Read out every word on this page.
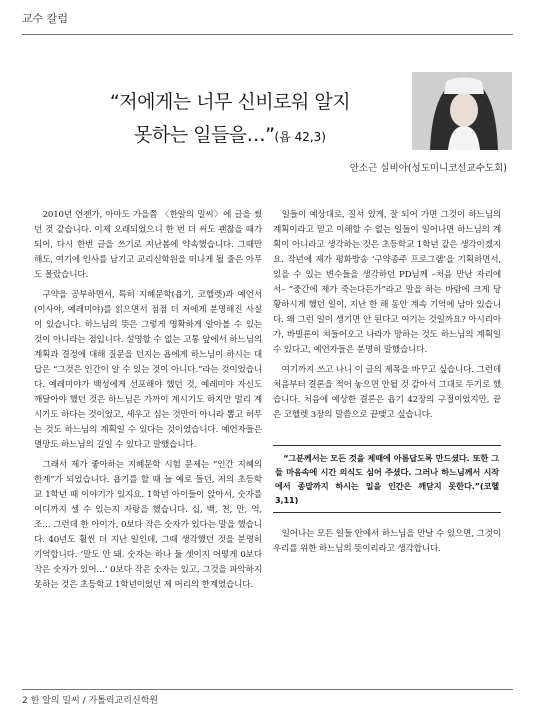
교수 칼럼
“저에게는 너무 신비로워 알지
못하는 일들을…”(욥 42,3)
안소근 실비아(성도미니코선교수도회)

2010년 언젠가, 아마도 가을쯤 〈한알의 밀씨〉에 글을 썼던 것 같습니다. 이제 오래되었으니 한 번 더 써도 괜찮을 때가 되어, 다시 한번 글을 쓰기로 지난봄에 약속했습니다. 그때만 해도, 여기에 인사를 남기고 교리신학원을 떠나게 될 줄은 아무도 몰랐습니다.

구약을 공부하면서, 특히 지혜문학(욥기, 코헬렛)과 예언서(이사야, 예레미야)를 읽으면서 점점 더 저에게 분명해진 사실이 있습니다. 하느님의 뜻은 그렇게 명확하게 알아볼 수 있는 것이 아니라는 점입니다. 설명할 수 없는 고통 앞에서 하느님의 계획과 결정에 대해 질문을 던지는 욥에게 하느님이 하시는 대답은 “그것은 인간이 알 수 있는 것이 아니다.”라는 것이었습니다. 예레미야가 백성에게 선포해야 했던 것, 예레미야 자신도 깨달아야 했던 것은 하느님은 가까이 계시기도 하지만 멀리 계시기도 하다는 것이었고, 세우고 심는 것만이 아니라 뽑고 허무는 것도 하느님의 계획일 수 있다는 것이었습니다. 예언자들은 멸망도 하느님의 길일 수 있다고 말했습니다.

그래서 제가 좋아하는 지혜문학 시험 문제는 “인간 지혜의 한계”가 되었습니다. 욥기를 할 때 늘 예로 들던, 저의 초등학교 1학년 때 이야기가 있지요. 1학년 아이들이 앉아서, 숫자를 어디까지 셀 수 있는지 자랑을 했습니다. 십, 백, 천, 만, 억, 조… 그런데 한 아이가, 0보다 작은 숫자가 있다는 말을 했습니다. 40년도 훨씬 더 지난 일인데, 그때 생각했던 것을 분명히 기억합니다. ‘말도 안 돼. 숫자는 하나 둘 셋이지 어떻게 0보다 작은 숫자가 있어…’ 0보다 작은 숫자는 있고, 그것을 파악하지 못하는 것은 초등학교 1학년이었던 제 머리의 한계였습니다.

일들이 예상대로, 질서 있게, 잘 되어 가면 그것이 하느님의 계획이라고 믿고 이해할 수 없는 일들이 일어나면 하느님의 계획이 아니라고 생각하는 것은 초등학교 1학년 같은 생각이겠지요. 작년에 제가 평화방송 ‘구약종주 프로그램’을 기획하면서, 있을 수 있는 변수들을 생각하던 PD님께 –처음 만난 자리에서– “중간에 제가 죽는다든가”라고 말을 하는 바람에 크게 당황하시게 했던 일이, 지난 한 해 동안 계속 기억에 남아 있습니다. 왜 그런 일이 생기면 안 된다고 여기는 것일까요? 아시리아가, 바빌론이 쳐들어오고 나라가 망하는 것도 하느님의 계획일 수 있다고, 예언자들은 분명히 말했습니다.

여기까지 쓰고 나니 이 글의 제목을 바꾸고 싶습니다. 그런데 처음부터 결론을 적어 놓으면 안될 것 같아서 그대로 두기로 했습니다. 처음에 예상한 결론은 욥기 42장의 구절이었지만, 끝은 코헬렛 3장의 말씀으로 끝맺고 싶습니다.

“그분께서는 모든 것을 제때에 아름답도록 만드셨다. 또한 그들 마음속에 시간 의식도 심어 주셨다. 그러나 하느님께서 시작에서 종말까지 하시는 일을 인간은 깨닫지 못한다.”(코헬 3,11)

일어나는 모든 일들 안에서 하느님을 만날 수 있으면, 그것이 우리를 위한 하느님의 뜻이리라고 생각합니다.

2 한 알의 밀씨 / 가톨릭교리신학원
